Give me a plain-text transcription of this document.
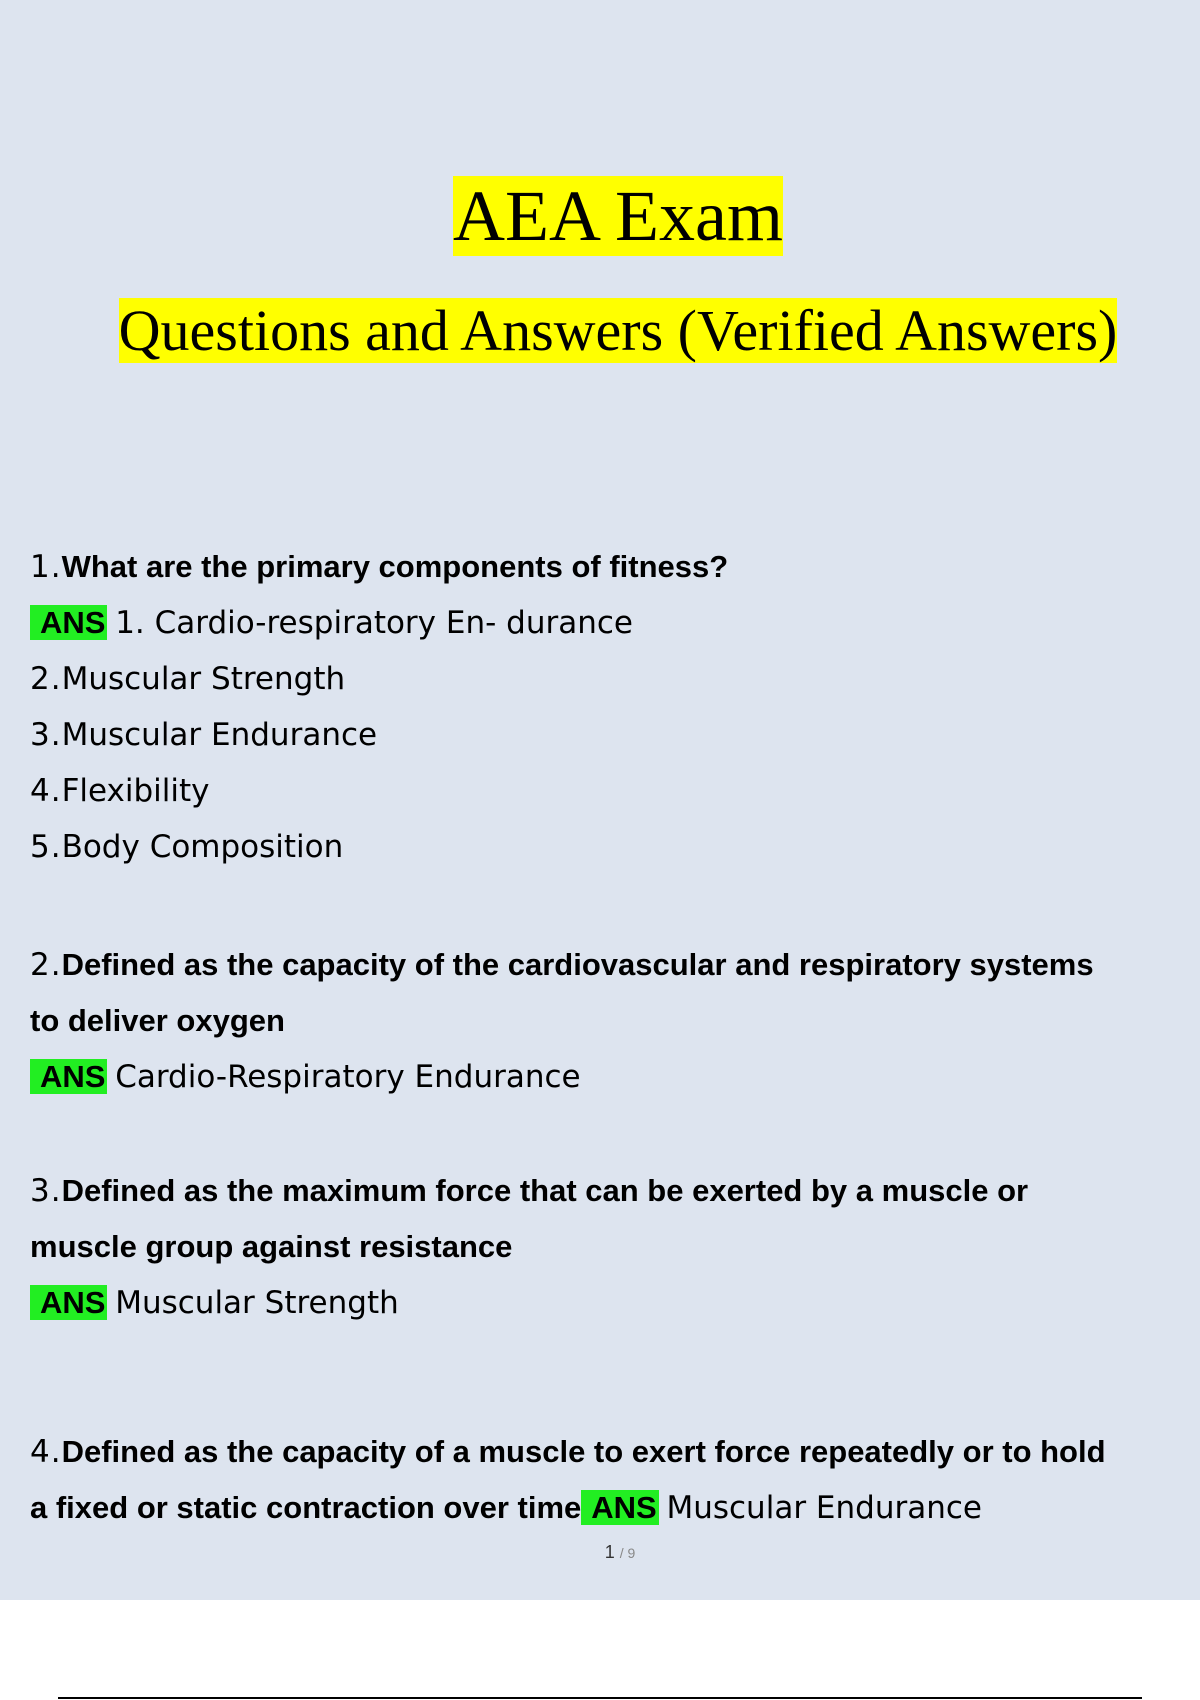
AEA Exam
Questions and Answers (Verified Answers)
1.What are the primary components of fitness?
ANS 1. Cardio-respiratory En- durance
2.Muscular Strength
3.Muscular Endurance
4.Flexibility
5.Body Composition
2.Defined as the capacity of the cardiovascular and respiratory systems
to deliver oxygen
ANS Cardio-Respiratory Endurance
3.Defined as the maximum force that can be exerted by a muscle or
muscle group against resistance
ANS Muscular Strength
4.Defined as the capacity of a muscle to exert force repeatedly or to hold
a fixed or static contraction over time ANS Muscular Endurance
1 / 9
